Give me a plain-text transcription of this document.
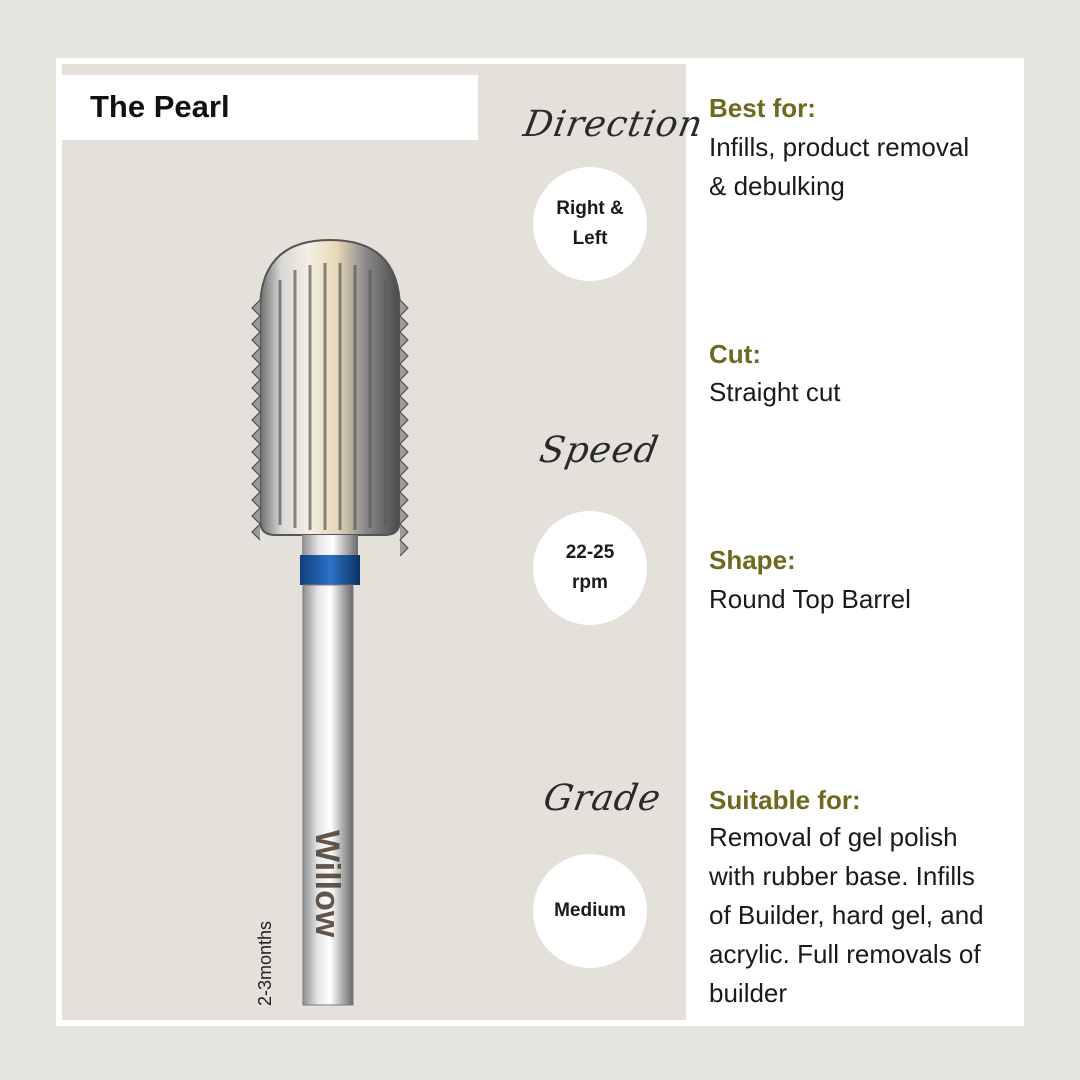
The Pearl
Willow
2-3months
Direction
Right &
Left
Speed
22-25
rpm
Grade
Medium
Best for:
Infills, product removal
& debulking
Cut:
Straight cut
Shape:
Round Top Barrel
Suitable for:
Removal of gel polish
with rubber base. Infills
of Builder, hard gel, and
acrylic. Full removals of
builder
